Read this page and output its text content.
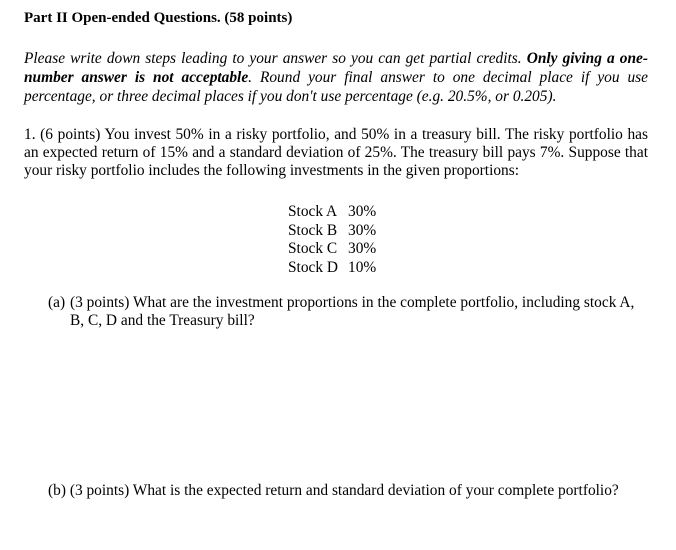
Part II Open-ended Questions. (58 points)
Please write down steps leading to your answer so you can get partial credits. Only giving a one-number answer is not acceptable. Round your final answer to one decimal place if you use percentage, or three decimal places if you don't use percentage (e.g. 20.5%, or 0.205).
1. (6 points) You invest 50% in a risky portfolio, and 50% in a treasury bill. The risky portfolio has an expected return of 15% and a standard deviation of 25%. The treasury bill pays 7%. Suppose that your risky portfolio includes the following investments in the given proportions:
Stock A	30%
Stock B	30%
Stock C	30%
Stock D	10%
(a) (3 points) What are the investment proportions in the complete portfolio, including stock A, B, C, D and the Treasury bill?
(b) (3 points) What is the expected return and standard deviation of your complete portfolio?
